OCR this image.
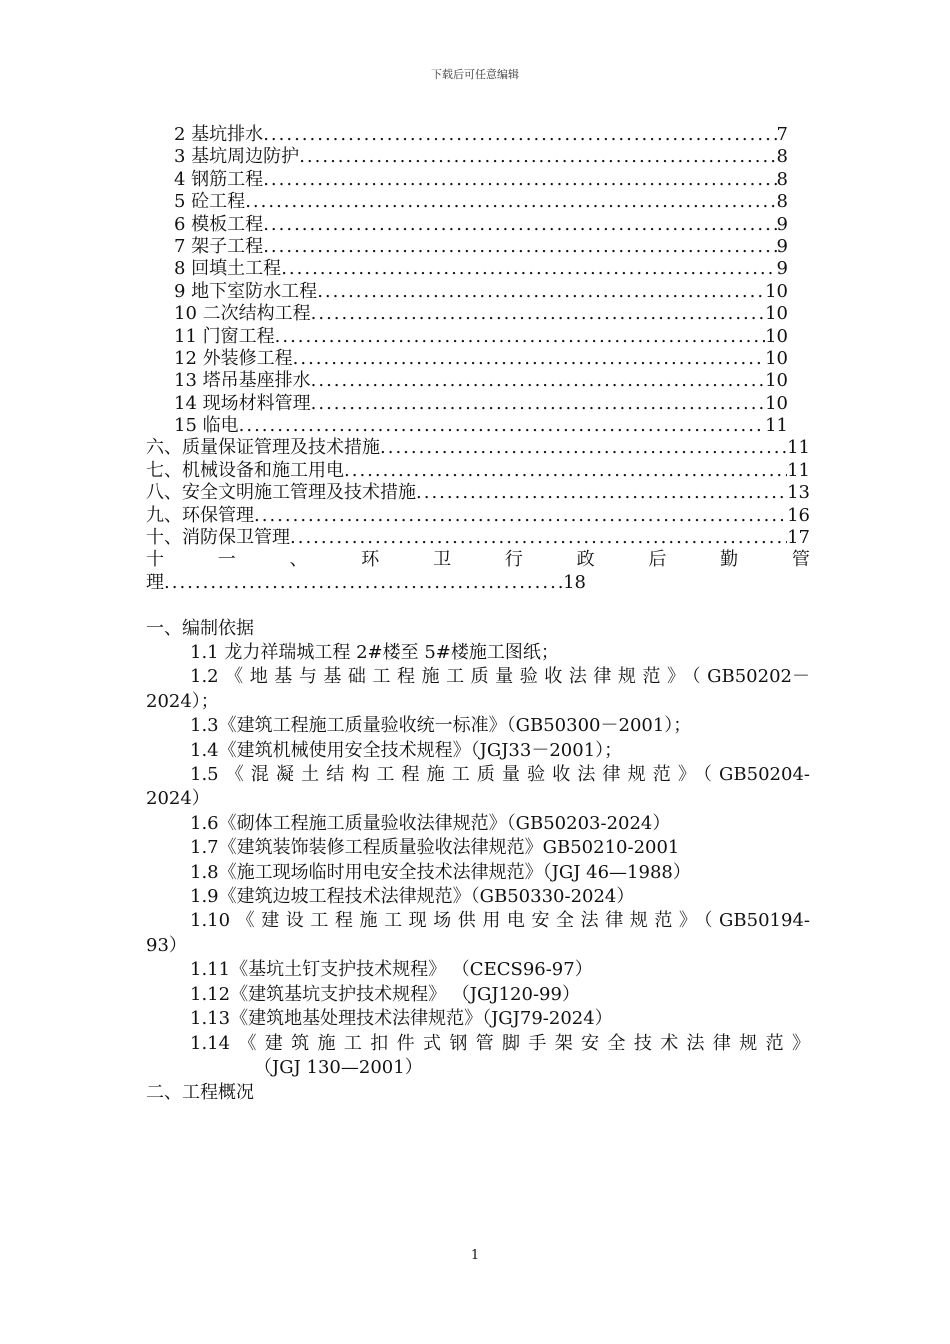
下载后可任意编辑
2 基坑排水 .....	7
3 基坑周边防护 .....	8
4 钢筋工程 .....	8
5 砼工程 .....	8
6 模板工程 .....	9
7 架子工程 .....	9
8 回填土工程 .....	9
9 地下室防水工程 .....	10
10 二次结构工程 .....	10
11 门窗工程 .....	10
12 外装修工程 .....	10
13 塔吊基座排水 .....	10
14 现场材料管理 .....	10
15 临电 .....	11
六、质量保证管理及技术措施 .....	11
七、机械设备和施工用电 .....	11
八、安全文明施工管理及技术措施 .....	13
九、环保管理 .....	16
十、消防保卫管理 .....	17
十	一	、	环	卫	行	政	后	勤	管
理 .....	18
一、编制依据
1.1 龙力祥瑞城工程 2#楼至 5#楼施工图纸；
1.2《地基与基础工程施工质量验收法律规范》（GB50202－
2024）；
1.3《建筑工程施工质量验收统一标准》（GB50300－2001）；
1.4《建筑机械使用安全技术规程》（JGJ33－2001）；
1.5《混凝土结构工程施工质量验收法律规范》（GB50204-
2024）
1.6《砌体工程施工质量验收法律规范》（GB50203-2024）
1.7《建筑装饰装修工程质量验收法律规范》GB50210-2001
1.8《施工现场临时用电安全技术法律规范》（JGJ 46—1988）
1.9《建筑边坡工程技术法律规范》（GB50330-2024）
1.10《建设工程施工现场供用电安全法律规范》（GB50194-
93）
1.11《基坑土钉支护技术规程》 （CECS96-97）
1.12《建筑基坑支护技术规程》 （JGJ120-99）
1.13《建筑地基处理技术法律规范》（JGJ79-2024）
1.14《建筑施工扣件式钢管脚手架安全技术法律规范》
（JGJ 130—2001）
二、工程概况
1
